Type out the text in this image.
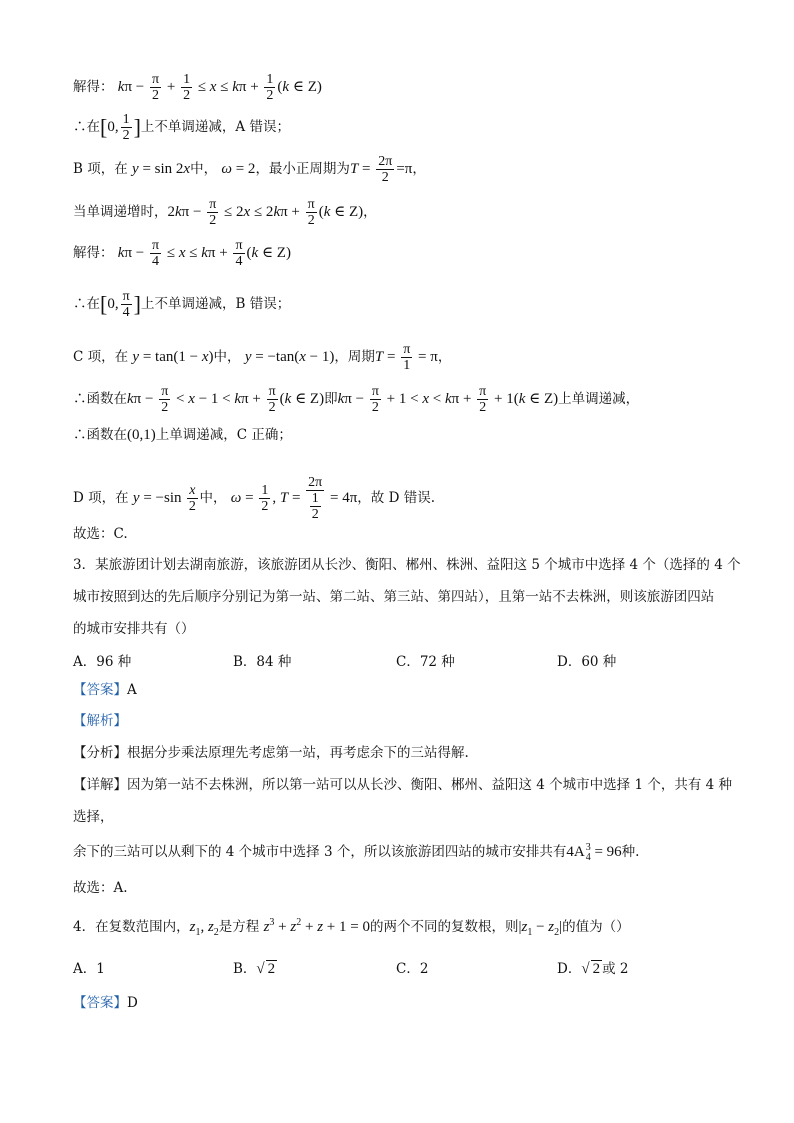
解得： $k\pi - \frac{\pi}{2} + \frac{1}{2} \le x \le k\pi + \frac{1}{2} (k$ ∈ Z)
∴在[0, $\frac{1}{2}$ ]上不单调递减，A 错误；
B 项，在 y = sin 2x中， ω = 2，最小正周期为$T = \frac{2\pi}{2} =\pi$，
当单调递增时，$2k\pi - \frac{\pi}{2} \le 2x \le 2k\pi + \frac{\pi}{2} (k$ ∈ Z)，
解得： $k\pi - \frac{\pi}{4} \le x \le k\pi + \frac{\pi}{4} (k$ ∈ Z)
∴在[0, $\frac{\pi}{4}$ ]上不单调递减，B 错误；
C 项，在 y = tan(1 − x)中， y = −tan(x − 1)，周期$T = \frac{\pi}{1} = \pi$，
∴函数在$k\pi - \frac{\pi}{2} < x - 1 < k\pi + \frac{\pi}{2} (k$ ∈ Z)即$k\pi - \frac{\pi}{2} + 1 < x < k\pi + \frac{\pi}{2} + 1(k$ ∈ Z)上单调递减，
∴函数在(0,1)上单调递减，C 正确；
D 项，在 $y = -\sin \frac{x}{2}$ 中， $\omega = \frac{1}{2}$ , $T = \frac{2\pi}{\frac{1}{2}} = 4\pi$，故 D 错误.
故选：C.
3．某旅游团计划去湖南旅游，该旅游团从长沙、衡阳、郴州、株洲、益阳这 5 个城市中选择 4 个（选择的 4 个
城市按照到达的先后顺序分别记为第一站、第二站、第三站、第四站），且第一站不去株洲，则该旅游团四站
的城市安排共有（）
A．96 种	B．84 种	C．72 种	D．60 种
【答案】A
【解析】
【分析】根据分步乘法原理先考虑第一站，再考虑余下的三站得解.
【详解】因为第一站不去株洲，所以第一站可以从长沙、衡阳、郴州、益阳这 4 个城市中选择 1 个，共有 4 种
选择，
余下的三站可以从剩下的 4 个城市中选择 3 个，所以该旅游团四站的城市安排共有4A 3
4 = 96种.
故选：A.
4．在复数范围内，$z_1$, $z_2$是方程 $z^3 + z^2 + z + 1 = 0$的两个不同的复数根，则$|z_1 - z_2|$的值为（）
A．1	B．√ 2	C．2	D．√ 2 或 2
【答案】D
